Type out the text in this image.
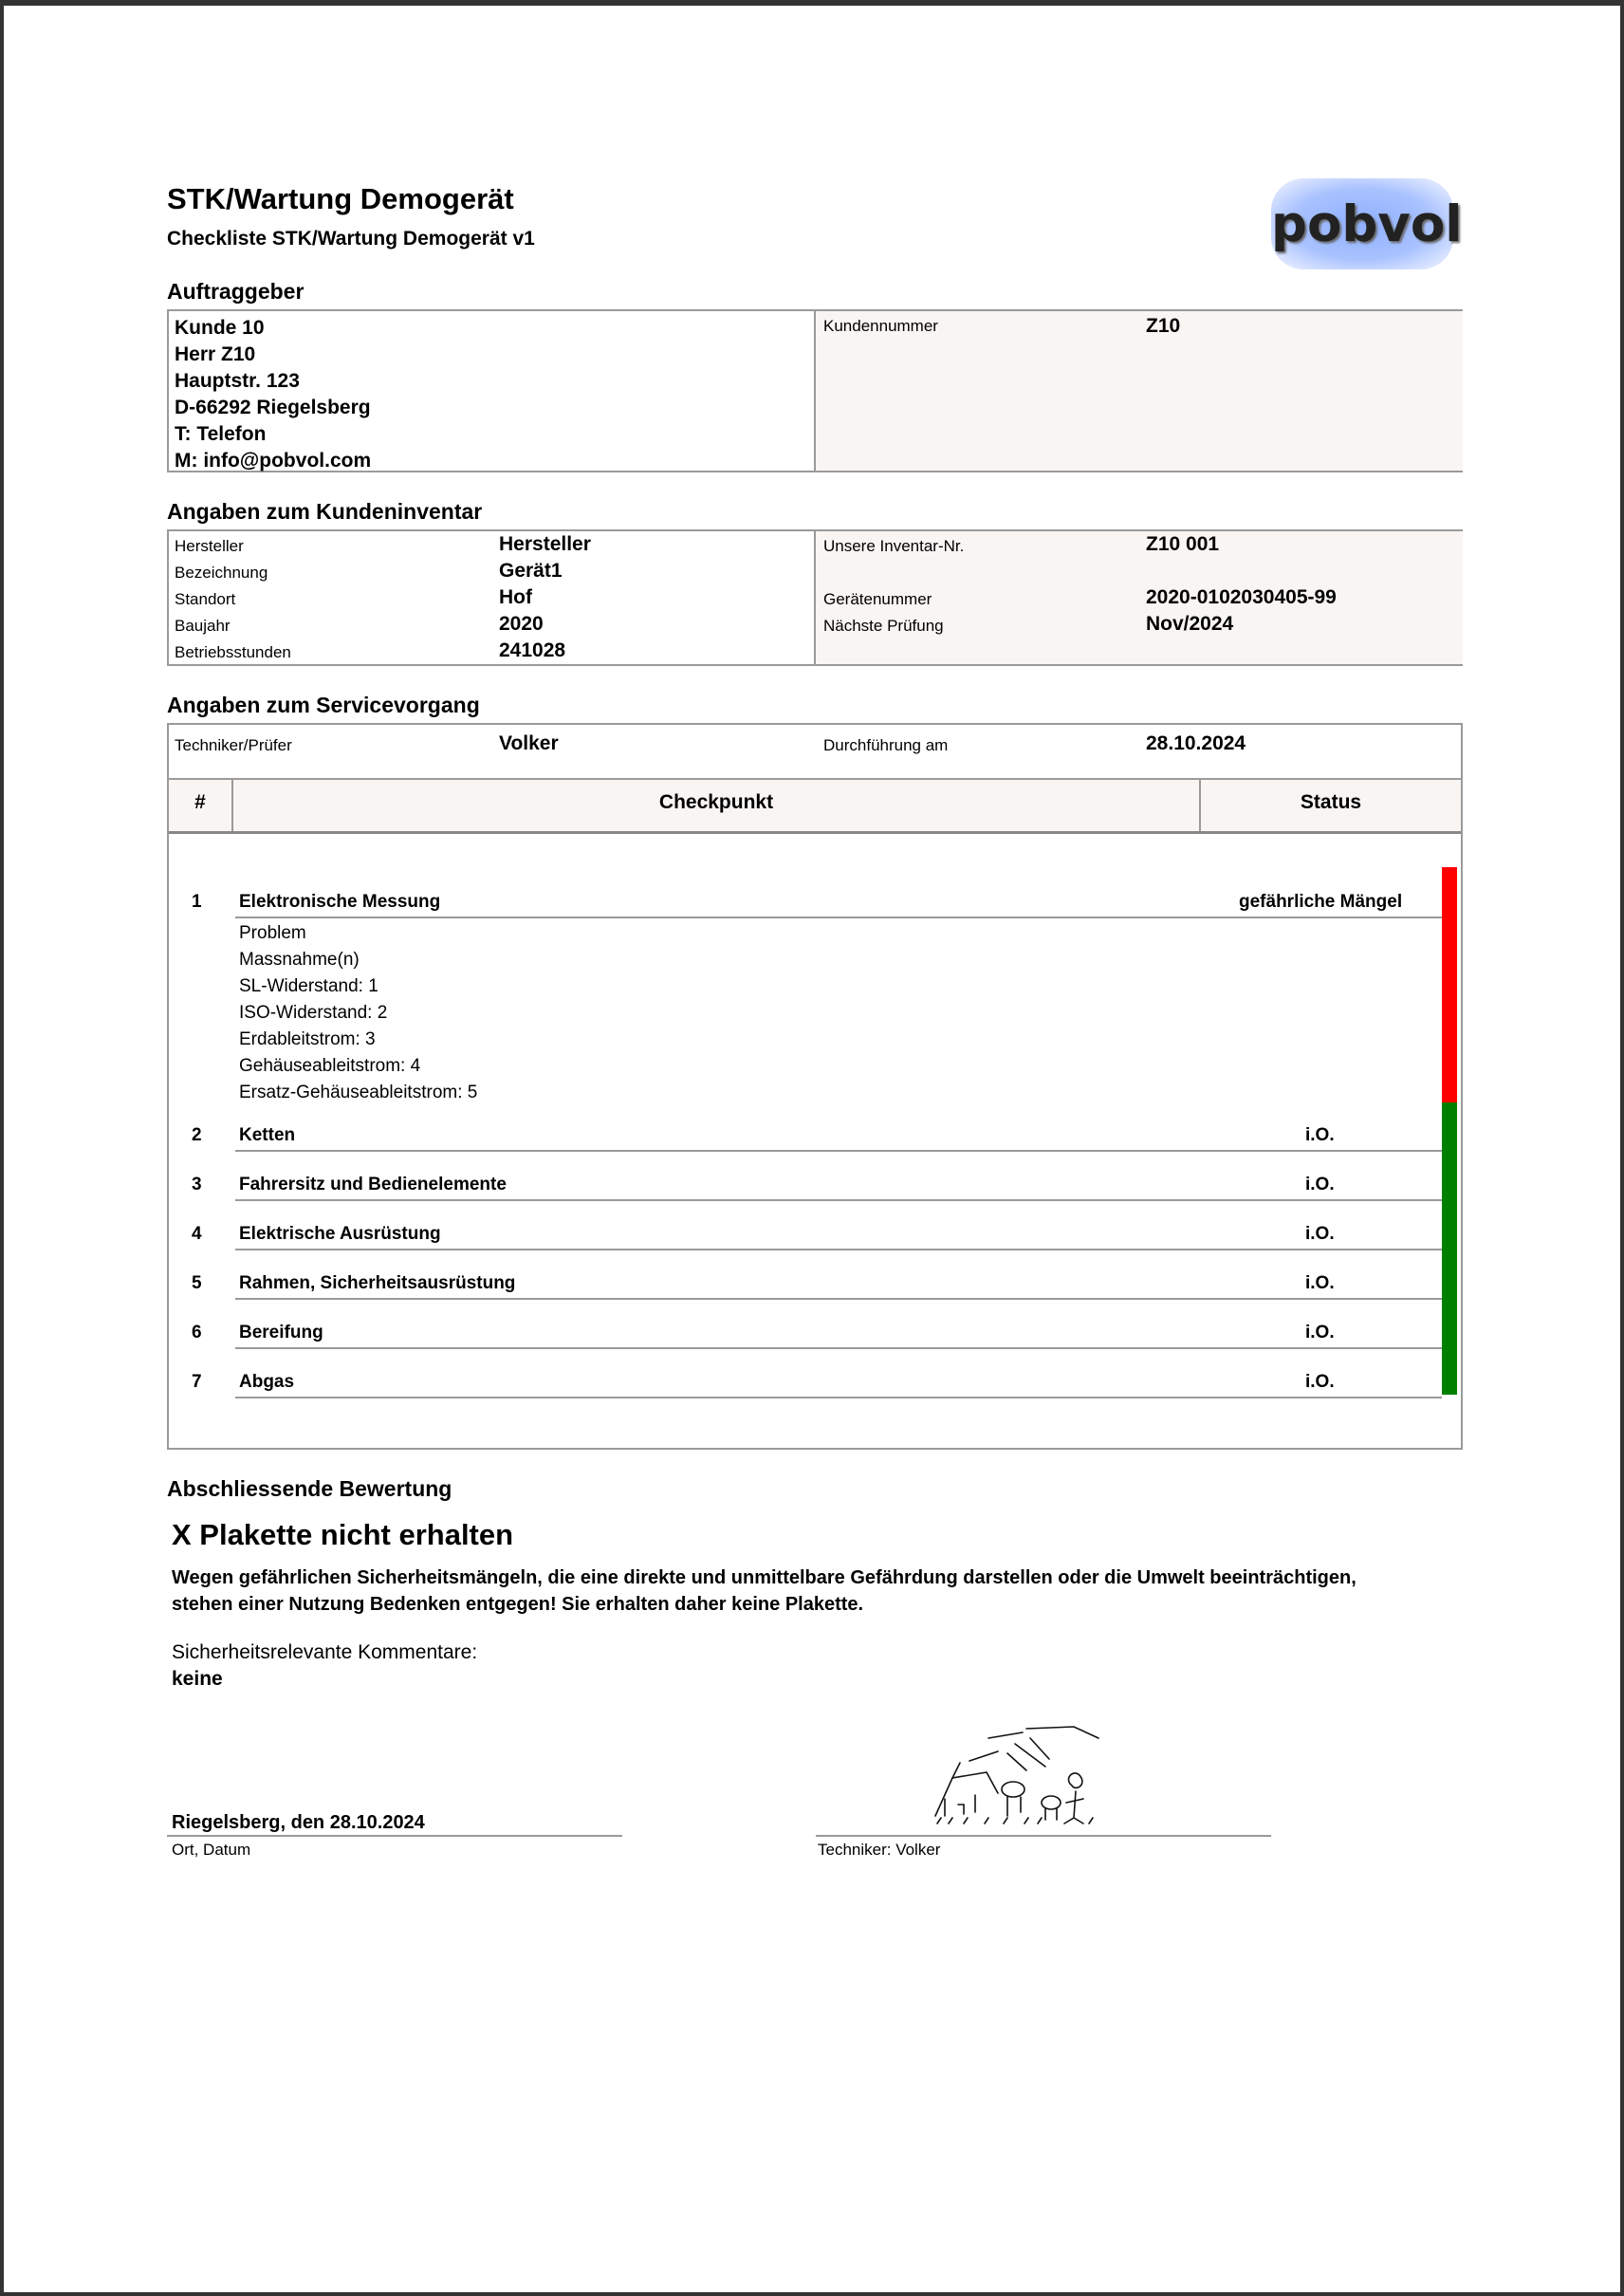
STK/Wartung Demogerät
Checkliste STK/Wartung Demogerät v1	pobvol
Auftraggeber
Kunde 10
Herr Z10
Hauptstr. 123
D-66292 Riegelsberg
T: Telefon
M: info@pobvol.com
Kundennummer	Z10
Angaben zum Kundeninventar
Hersteller	Hersteller
Bezeichnung	Gerät1
Standort	Hof
Baujahr	2020
Betriebsstunden	241028
Unsere Inventar-Nr.	Z10 001
Gerätenummer	2020-0102030405-99
Nächste Prüfung	Nov/2024
Angaben zum Servicevorgang
Techniker/Prüfer	Volker	Durchführung am	28.10.2024
#	Checkpunkt	Status
1 Elektronische Messung	gefährliche Mängel
Problem
Massnahme(n)
SL-Widerstand: 1
ISO-Widerstand: 2
Erdableitstrom: 3
Gehäuseableitstrom: 4
Ersatz-Gehäuseableitstrom: 5
2 Ketten	i.O.
3 Fahrersitz und Bedienelemente	i.O.
4 Elektrische Ausrüstung	i.O.
5 Rahmen, Sicherheitsausrüstung	i.O.
6 Bereifung	i.O.
7 Abgas	i.O.
Abschliessende Bewertung
X Plakette nicht erhalten
Wegen gefährlichen Sicherheitsmängeln, die eine direkte und unmittelbare Gefährdung darstellen oder die Umwelt beeinträchtigen,
stehen einer Nutzung Bedenken entgegen! Sie erhalten daher keine Plakette.
Sicherheitsrelevante Kommentare:
keine
Riegelsberg, den 28.10.2024
Ort, Datum	Techniker: Volker
